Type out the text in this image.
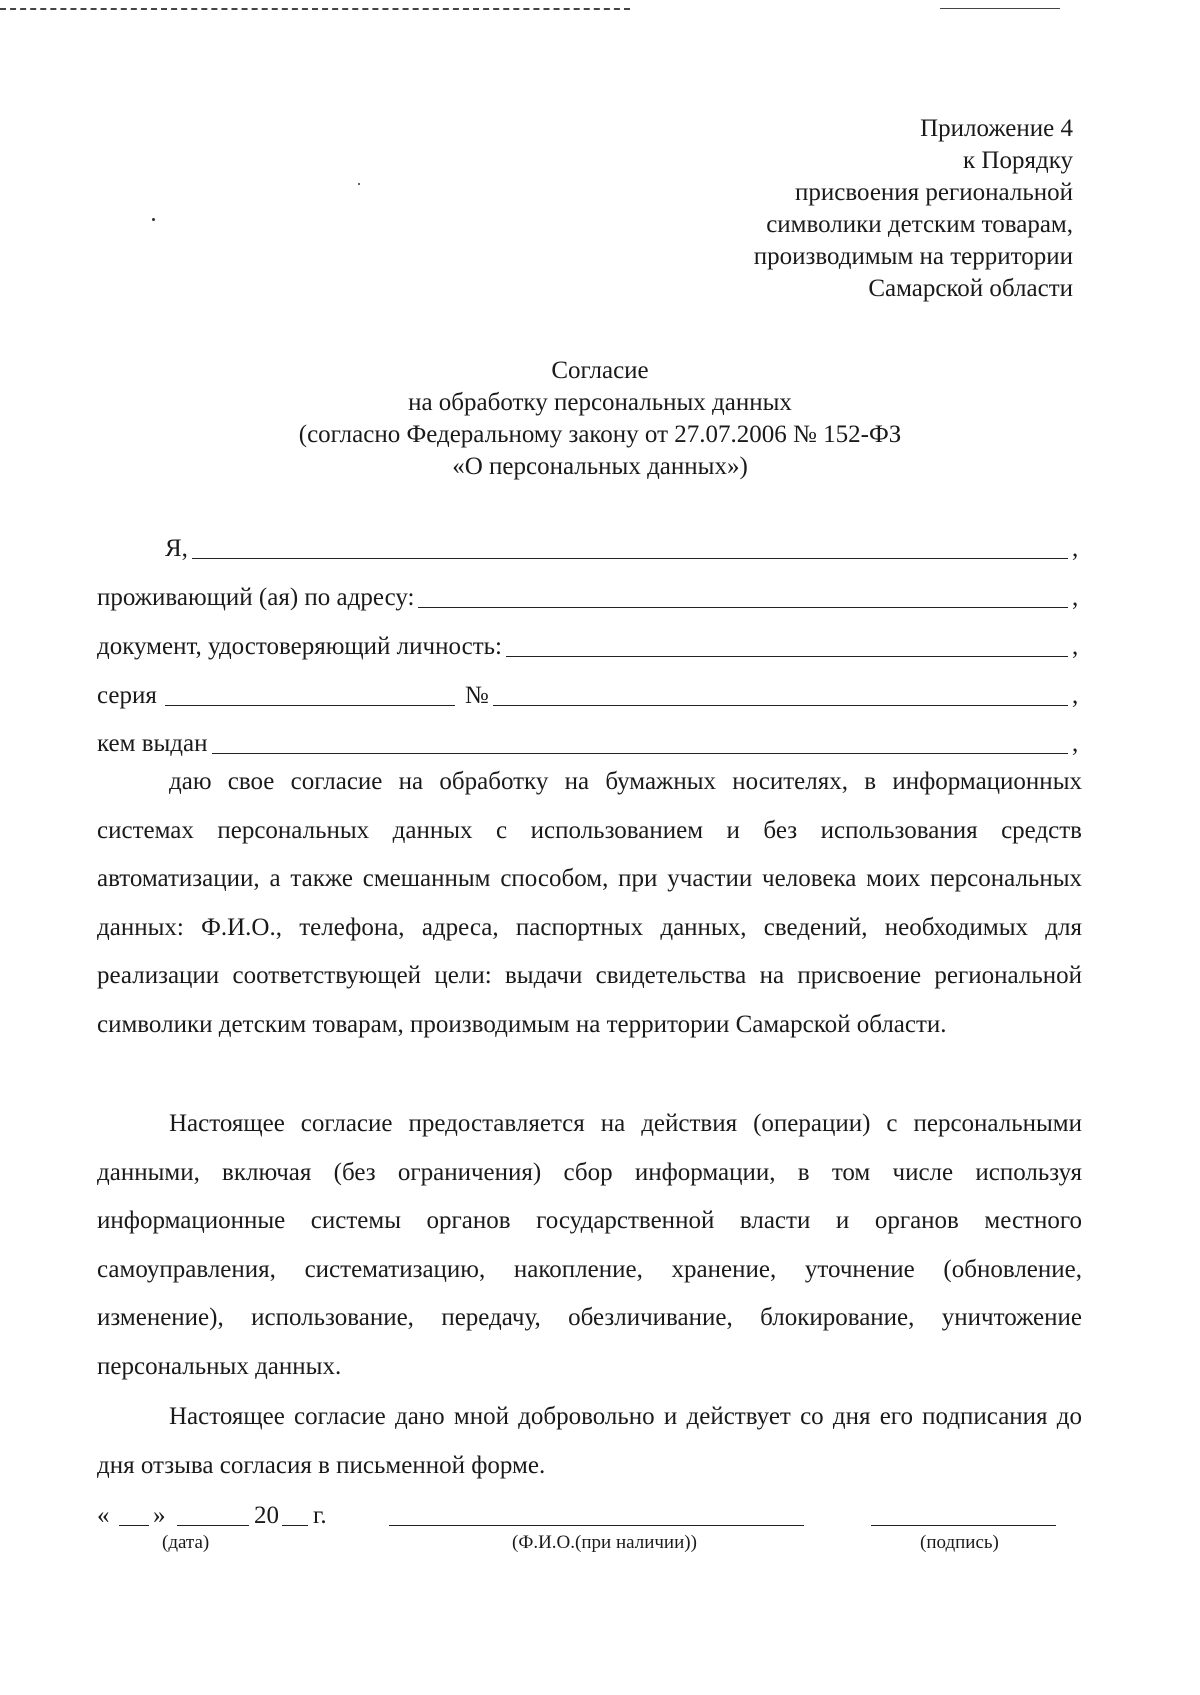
Приложение 4
к Порядку
присвоения региональной
символики детским товарам,
производимым на территории
Самарской области
Согласие
на обработку персональных данных
(согласно Федеральному закону от 27.07.2006 № 152-ФЗ
«О персональных данных»)
Я,	,
проживающий (ая) по адресу:	,
документ, удостоверяющий личность:	,
серия	№	,
кем выдан	,

даю свое согласие на обработку на бумажных носителях, в информационных системах персональных данных с использованием и без использования средств автоматизации, а также смешанным способом, при участии человека моих персональных данных: Ф.И.О., телефона, адреса, паспортных данных, сведений, необходимых для реализации соответствующей цели: выдачи свидетельства на присвоение региональной символики детским товарам, производимым на территории Самарской области.

Настоящее согласие предоставляется на действия (операции) с персональными данными, включая (без ограничения) сбор информации, в том числе используя информационные системы органов государственной власти и органов местного самоуправления, систематизацию, накопление, хранение, уточнение (обновление, изменение), использование, передачу, обезличивание, блокирование, уничтожение персональных данных.

Настоящее согласие дано мной добровольно и действует со дня его подписания до дня отзыва согласия в письменной форме.

« »	20 г.
(дата)	(Ф.И.О.(при наличии))	(подпись)
